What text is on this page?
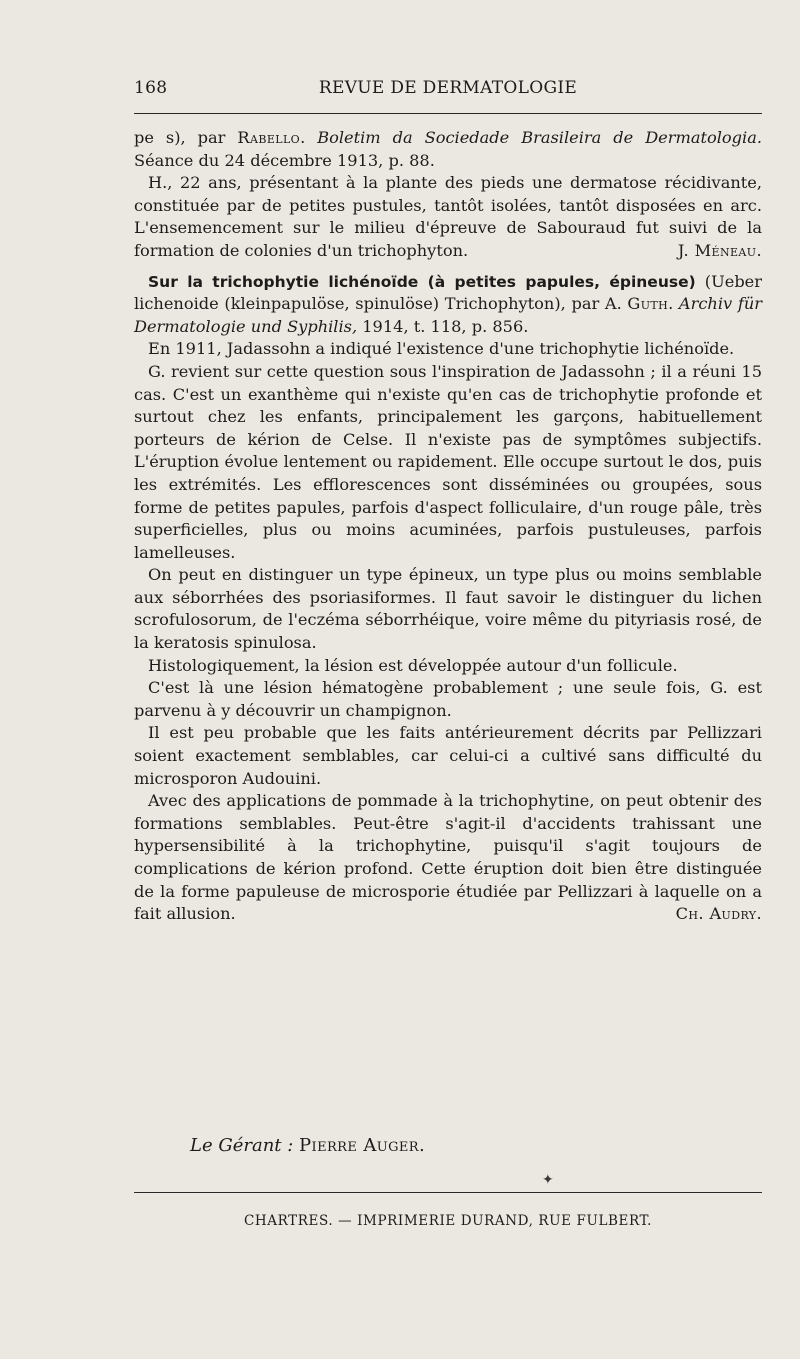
168	REVUE DE DERMATOLOGIE

pe s), par Rabello. Boletim da Sociedade Brasileira de Dermatologia. Séance du 24 décembre 1913, p. 88.

H., 22 ans, présentant à la plante des pieds une dermatose récidivante, constituée par de petites pustules, tantôt isolées, tantôt disposées en arc. L'ensemencement sur le milieu d'épreuve de Sabouraud fut suivi de la formation de colonies d'un trichophyton.	J. Méneau.

Sur la trichophytie lichénoïde (à petites papules, épineuse) (Ueber lichenoide (kleinpapulöse, spinulöse) Trichophyton), par A. Guth. Archiv für Dermatologie und Syphilis, 1914, t. 118, p. 856.

En 1911, Jadassohn a indiqué l'existence d'une trichophytie lichénoïde.

G. revient sur cette question sous l'inspiration de Jadassohn ; il a réuni 15 cas. C'est un exanthème qui n'existe qu'en cas de trichophytie profonde et surtout chez les enfants, principalement les garçons, habituellement porteurs de kérion de Celse. Il n'existe pas de symptômes subjectifs. L'éruption évolue lentement ou rapidement. Elle occupe surtout le dos, puis les extrémités. Les efflorescences sont disséminées ou groupées, sous forme de petites papules, parfois d'aspect folliculaire, d'un rouge pâle, très superficielles, plus ou moins acuminées, parfois pustuleuses, parfois lamelleuses.

On peut en distinguer un type épineux, un type plus ou moins semblable aux séborrhées des psoriasiformes. Il faut savoir le distinguer du lichen scrofulosorum, de l'eczéma séborrhéique, voire même du pityriasis rosé, de la keratosis spinulosa.

Histologiquement, la lésion est développée autour d'un follicule.

C'est là une lésion hématogène probablement ; une seule fois, G. est parvenu à y découvrir un champignon.

Il est peu probable que les faits antérieurement décrits par Pellizzari soient exactement semblables, car celui-ci a cultivé sans difficulté du microsporon Audouini.

Avec des applications de pommade à la trichophytine, on peut obtenir des formations semblables. Peut-être s'agit-il d'accidents trahissant une hypersensibilité à la trichophytine, puisqu'il s'agit toujours de complications de kérion profond. Cette éruption doit bien être distinguée de la forme papuleuse de microsporie étudiée par Pellizzari à laquelle on a fait allusion.	Ch. Audry.

Le Gérant : Pierre Auger.
✦
CHARTRES. — IMPRIMERIE DURAND, RUE FULBERT.
